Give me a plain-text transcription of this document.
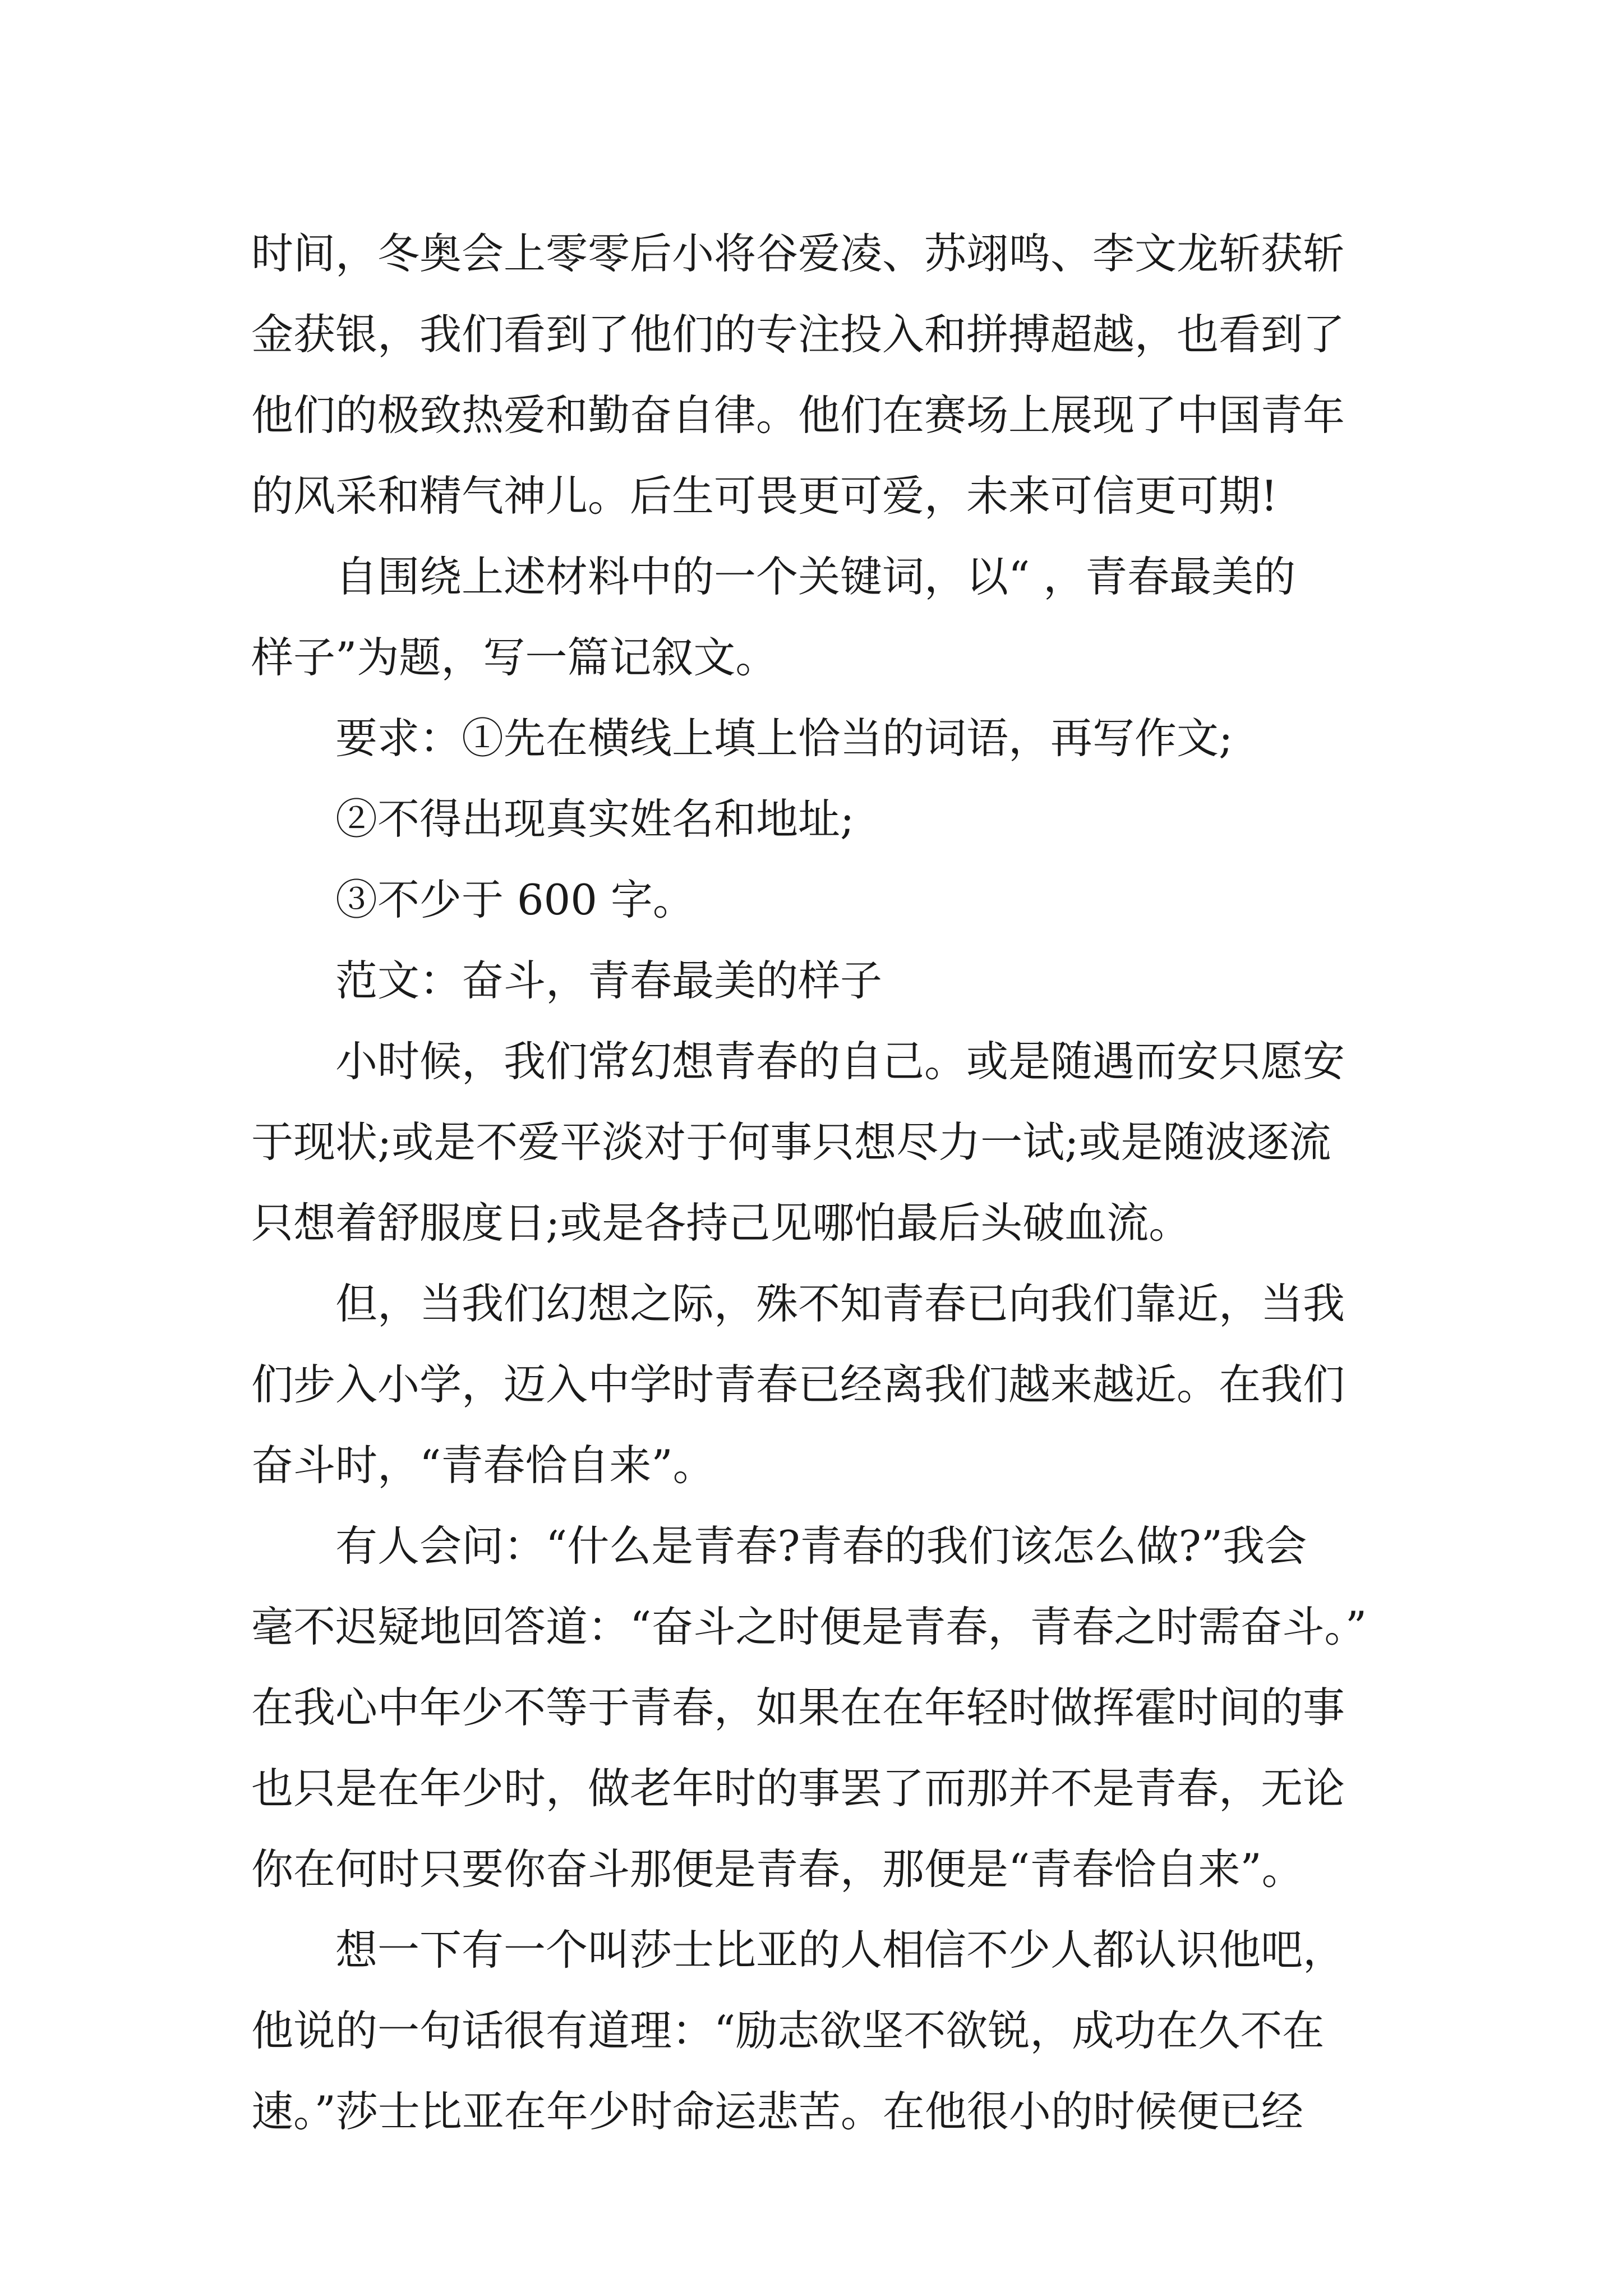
时间，冬奥会上零零后小将谷爱凌、苏翊鸣、李文龙斩获斩
金获银，我们看到了他们的专注投入和拼搏超越，也看到了
他们的极致热爱和勤奋自律。他们在赛场上展现了中国青年
的风采和精气神儿。后生可畏更可爱，未来可信更可期!
自围绕上述材料中的一个关键词，以“ ，青春最美的
样子”为题，写一篇记叙文。
要求：①先在横线上填上恰当的词语，再写作文;
②不得出现真实姓名和地址;
③不少于 600 字。
范文：奋斗，青春最美的样子
小时候，我们常幻想青春的自己。或是随遇而安只愿安
于现状;或是不爱平淡对于何事只想尽力一试;或是随波逐流
只想着舒服度日;或是各持己见哪怕最后头破血流。
但，当我们幻想之际，殊不知青春已向我们靠近，当我
们步入小学，迈入中学时青春已经离我们越来越近。在我们
奋斗时，“青春恰自来”。
有人会问：“什么是青春?青春的我们该怎么做?”我会
毫不迟疑地回答道：“奋斗之时便是青春，青春之时需奋斗。”
在我心中年少不等于青春，如果在在年轻时做挥霍时间的事
也只是在年少时，做老年时的事罢了而那并不是青春，无论
你在何时只要你奋斗那便是青春，那便是“青春恰自来”。
想一下有一个叫莎士比亚的人相信不少人都认识他吧，
他说的一句话很有道理：“励志欲坚不欲锐，成功在久不在
速。”莎士比亚在年少时命运悲苦。在他很小的时候便已经
